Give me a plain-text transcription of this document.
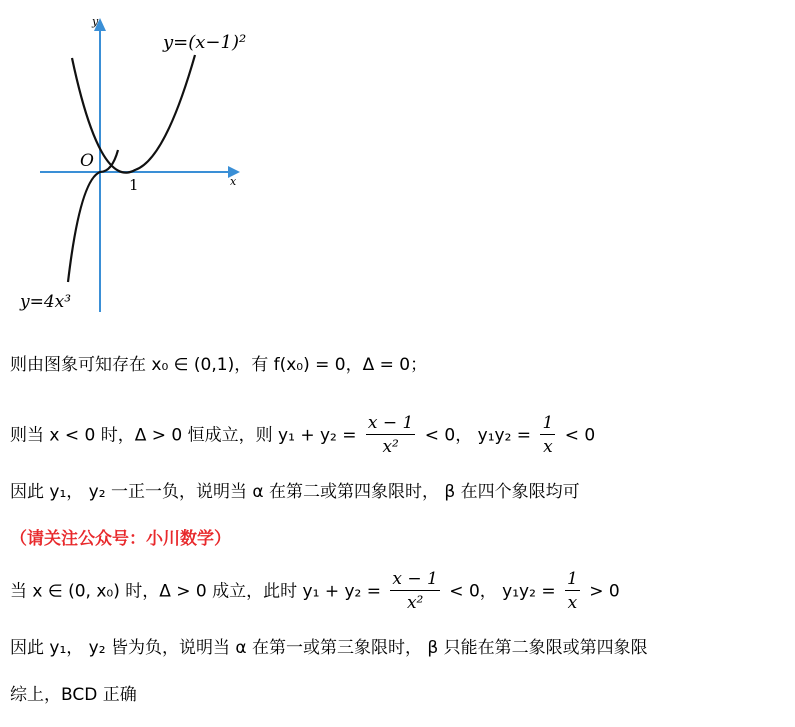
y
x
O
1
y=(x−1)²
y=4x³
则由图象可知存在 x₀ ∈ (0,1)，有 f(x₀) = 0，Δ = 0；
则当 x < 0 时，Δ > 0 恒成立，则 $y_1 + y_2 = \frac{x - 1}{\text{x²}} < 0$， $y_1y_2 = \frac{1}{x} < 0$
因此 y₁， y₂ 一正一负，说明当 α 在第二或第四象限时， β 在四个象限均可
（请关注公众号：小川数学）
当 x ∈ (0, x₀) 时，Δ > 0 成立，此时 $y_1 + y_2 = \frac{x - 1}{\text{x²}} < 0$， $y_1y_2 = \frac{1}{x} > 0$
因此 y₁， y₂ 皆为负，说明当 α 在第一或第三象限时， β 只能在第二象限或第四象限
综上，BCD 正确
